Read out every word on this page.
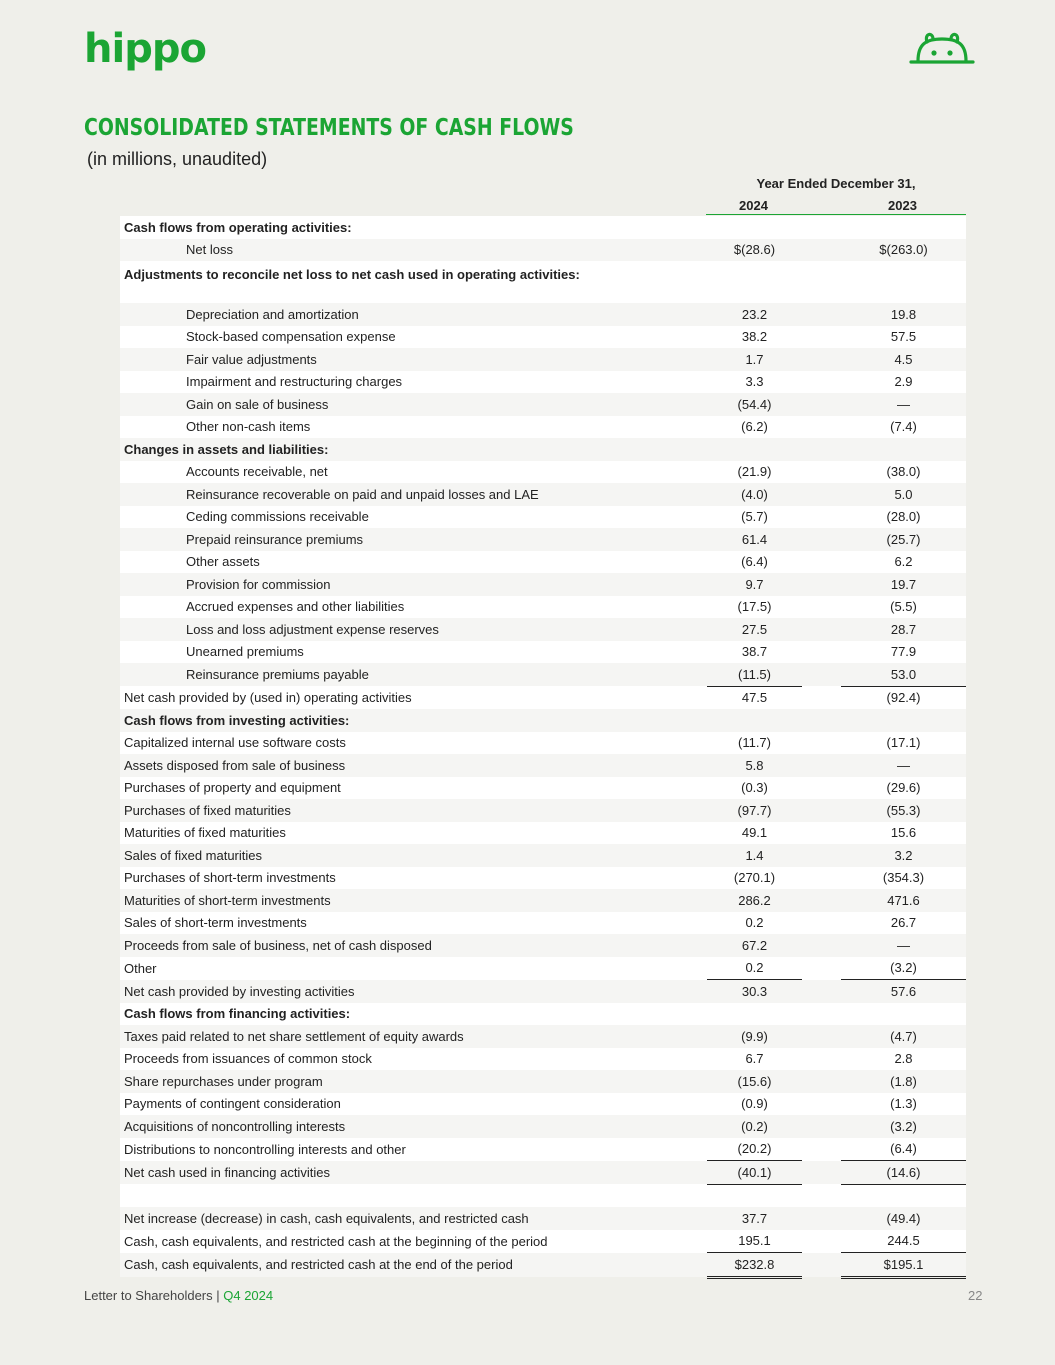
hippo
CONSOLIDATED STATEMENTS OF CASH FLOWS
(in millions, unaudited)
Year Ended December 31,
2024	2023
Cash flows from operating activities:				
Net loss		$(28.6)		$(263.0)
Adjustments to reconcile net loss to net cash used in operating activities:				
Depreciation and amortization		23.2		19.8
Stock-based compensation expense		38.2		57.5
Fair value adjustments		1.7		4.5
Impairment and restructuring charges		3.3		2.9
Gain on sale of business		(54.4)		—
Other non-cash items		(6.2)		(7.4)
Changes in assets and liabilities:				
Accounts receivable, net		(21.9)		(38.0)
Reinsurance recoverable on paid and unpaid losses and LAE		(4.0)		5.0
Ceding commissions receivable		(5.7)		(28.0)
Prepaid reinsurance premiums		61.4		(25.7)
Other assets		(6.4)		6.2
Provision for commission		9.7		19.7
Accrued expenses and other liabilities		(17.5)		(5.5)
Loss and loss adjustment expense reserves		27.5		28.7
Unearned premiums		38.7		77.9
Reinsurance premiums payable		(11.5)		53.0
Net cash provided by (used in) operating activities		47.5		(92.4)
Cash flows from investing activities:				
Capitalized internal use software costs		(11.7)		(17.1)
Assets disposed from sale of business		5.8		—
Purchases of property and equipment		(0.3)		(29.6)
Purchases of fixed maturities		(97.7)		(55.3)
Maturities of fixed maturities		49.1		15.6
Sales of fixed maturities		1.4		3.2
Purchases of short-term investments		(270.1)		(354.3)
Maturities of short-term investments		286.2		471.6
Sales of short-term investments		0.2		26.7
Proceeds from sale of business, net of cash disposed		67.2		—
Other		0.2		(3.2)
Net cash provided by investing activities		30.3		57.6
Cash flows from financing activities:				
Taxes paid related to net share settlement of equity awards		(9.9)		(4.7)
Proceeds from issuances of common stock		6.7		2.8
Share repurchases under program		(15.6)		(1.8)
Payments of contingent consideration		(0.9)		(1.3)
Acquisitions of noncontrolling interests		(0.2)		(3.2)
Distributions to noncontrolling interests and other		(20.2)		(6.4)
Net cash used in financing activities		(40.1)		(14.6)

Net increase (decrease) in cash, cash equivalents, and restricted cash		37.7		(49.4)
Cash, cash equivalents, and restricted cash at the beginning of the period		195.1		244.5
Cash, cash equivalents, and restricted cash at the end of the period		$232.8		$195.1
Letter to Shareholders | Q4 2024	22
